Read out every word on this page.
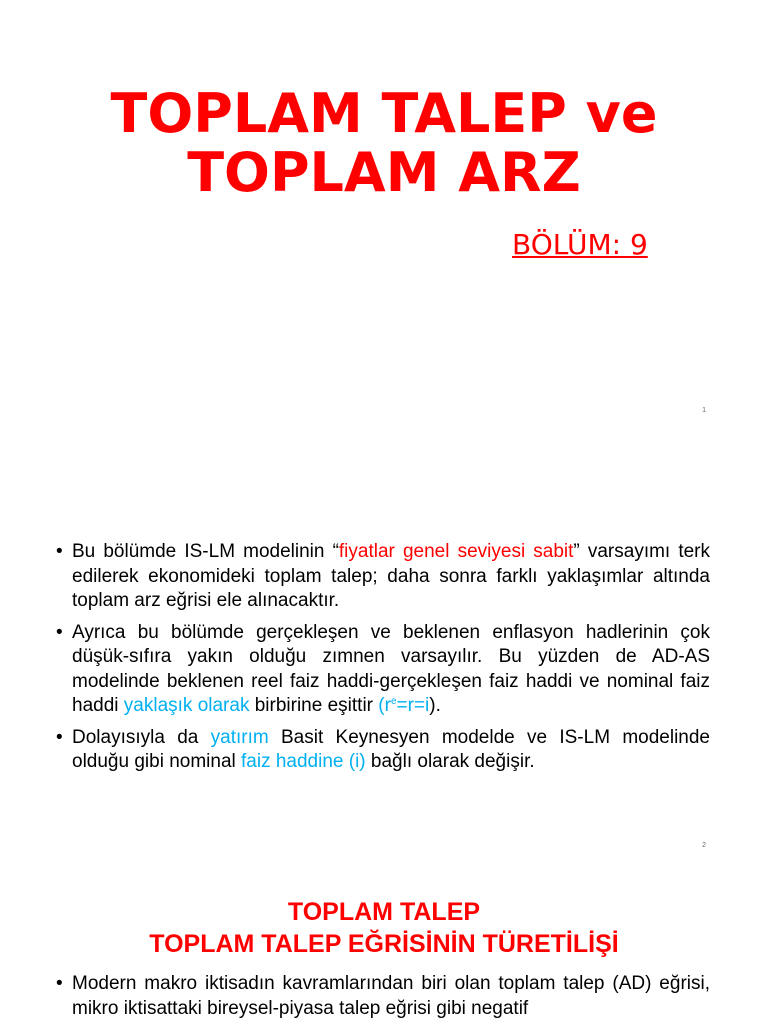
TOPLAM TALEP ve
TOPLAM ARZ
BÖLÜM: 9
1
• Bu bölümde IS-LM modelinin “fiyatlar genel seviyesi sabit” varsayımı terk edilerek ekonomideki toplam talep; daha sonra farklı yaklaşımlar altında toplam arz eğrisi ele alınacaktır.
• Ayrıca bu bölümde gerçekleşen ve beklenen enflasyon hadlerinin çok düşük-sıfıra yakın olduğu zımnen varsayılır. Bu yüzden de AD-AS modelinde beklenen reel faiz haddi-gerçekleşen faiz haddi ve nominal faiz haddi yaklaşık olarak birbirine eşittir $(r^e=r=i)$.
• Dolayısıyla da yatırım Basit Keynesyen modelde ve IS-LM modelinde olduğu gibi nominal faiz haddine (i) bağlı olarak değişir.
2
TOPLAM TALEP
TOPLAM TALEP EĞRİSİNİN TÜRETİLİŞİ
• Modern makro iktisadın kavramlarından biri olan toplam talep (AD) eğrisi, mikro iktisattaki bireysel-piyasa talep eğrisi gibi negatif
